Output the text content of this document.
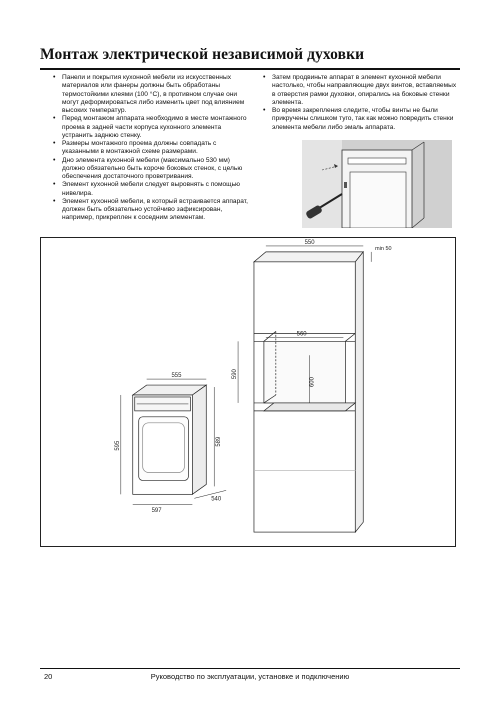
Монтаж электрической независимой духовки
• Панели и покрытия кухонной мебели из искусственных материалов или фанеры должны быть обработаны термостойкими клеями (100 °C), в противном случае они могут деформироваться либо изменить цвет под влиянием высоких температур.
• Перед монтажом аппарата необходимо в месте монтажного проема в задней части корпуса кухонного элемента устранить заднюю стенку.
• Размеры монтажного проема должны совпадать с указанными в монтажной схеме размерами.
• Дно элемента кухонной мебели (максимально 530 мм) должно обязательно быть короче боковых стенок, с целью обеспечения достаточного проветривания.
• Элемент кухонной мебели следует выровнять с помощью нивелира.
• Элемент кухонной мебели, в который встраивается аппарат, должен быть обязательно устойчиво зафиксирован, например, прикреплен к соседним элементам.
• Затем продвиньте аппарат в элемент кухонной мебели настолько, чтобы направляющие двух винтов, вставляемых в отверстия рамки духовки, опирались на боковые стенки элемента.
• Во время закрепления следите, чтобы винты не были прикручены слишком туго, так как можно повредить стенки элемента мебели либо эмаль аппарата.
550
min 50
560
590
600
555
595	589
597
540
20	Руководство по эксплуатации, установке и подключению
